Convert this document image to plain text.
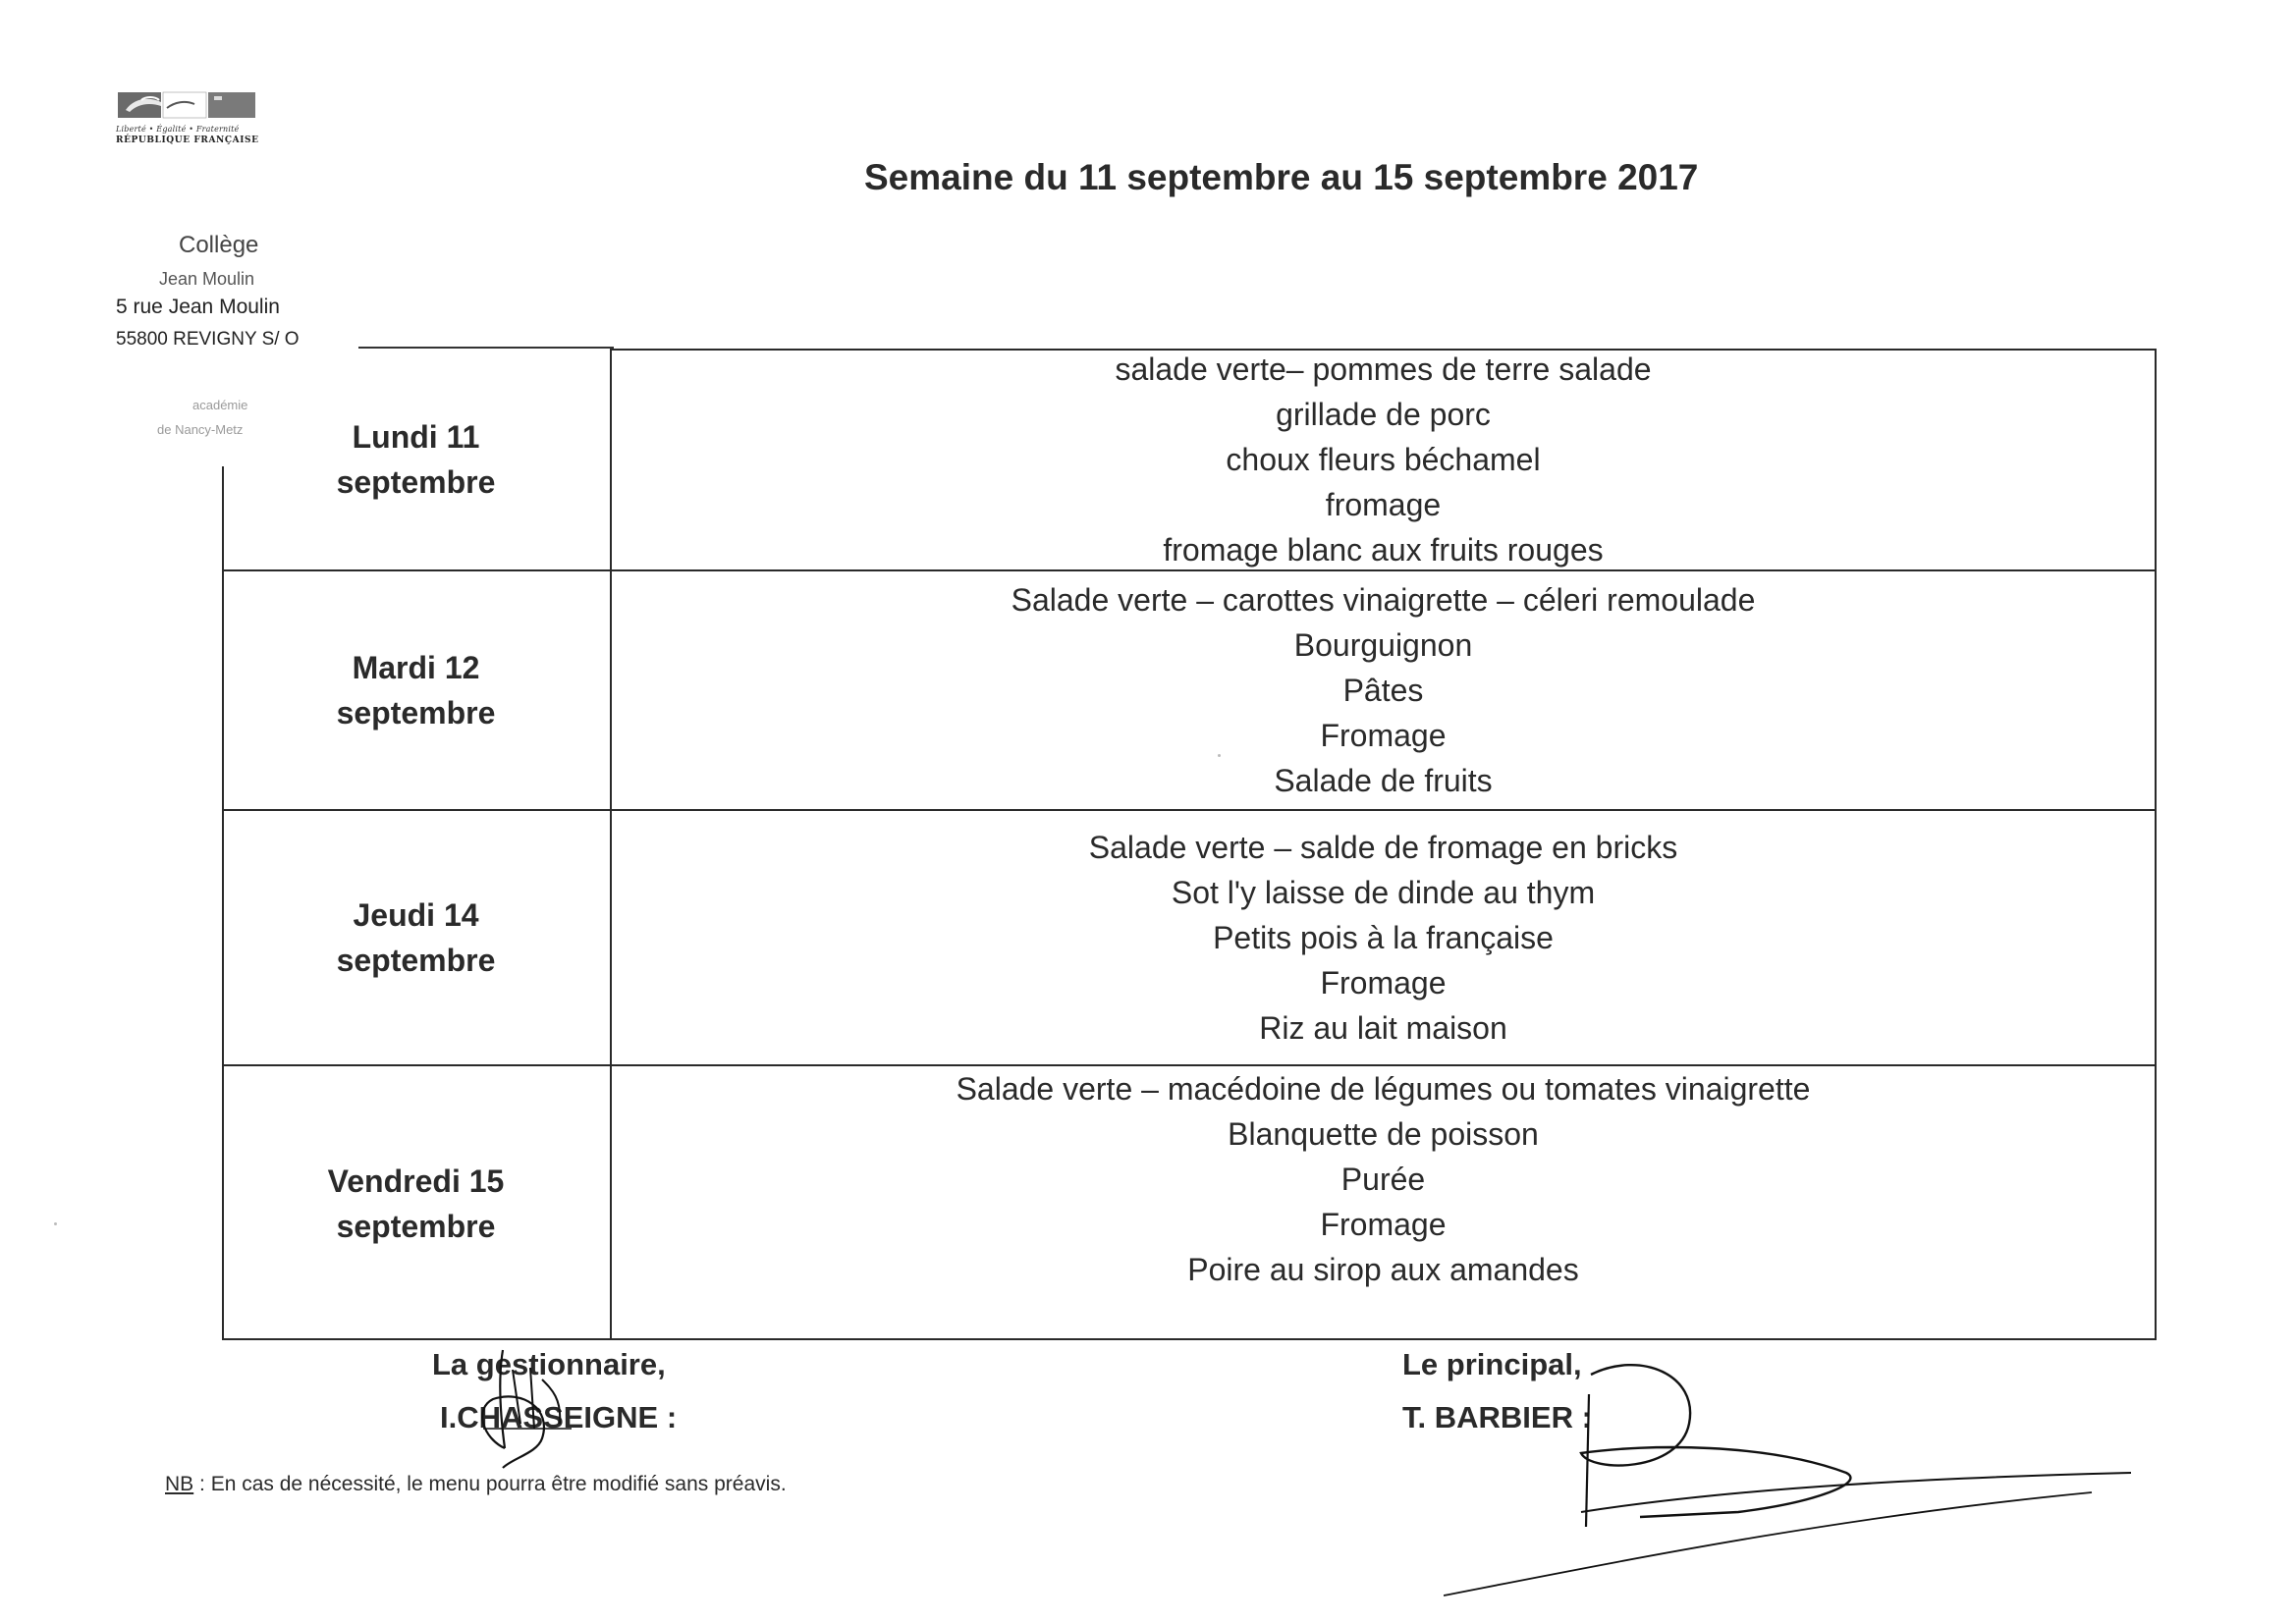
Liberté • Égalité • Fraternité
RÉPUBLIQUE FRANÇAISE
Collège
Jean Moulin
5 rue Jean Moulin
55800 REVIGNY S/ O
académie
de Nancy-Metz
Semaine du 11 septembre au 15 septembre 2017
Lundi 11 septembre
salade verte– pommes de terre salade
grillade de porc
choux fleurs béchamel
fromage
fromage blanc aux fruits rouges
Mardi 12 septembre
Salade verte – carottes vinaigrette – céleri remoulade
Bourguignon
Pâtes
Fromage
Salade de fruits
Jeudi 14 septembre
Salade verte – salde de fromage en bricks
Sot l'y laisse de dinde au thym
Petits pois à la française
Fromage
Riz au lait maison
Vendredi 15 septembre
Salade verte – macédoine de légumes ou tomates vinaigrette
Blanquette de poisson
Purée
Fromage
Poire au sirop aux amandes
La gestionnaire,
I.CHASSEIGNE :
Le principal,
T. BARBIER :
NB : En cas de nécessité, le menu pourra être modifié sans préavis.
